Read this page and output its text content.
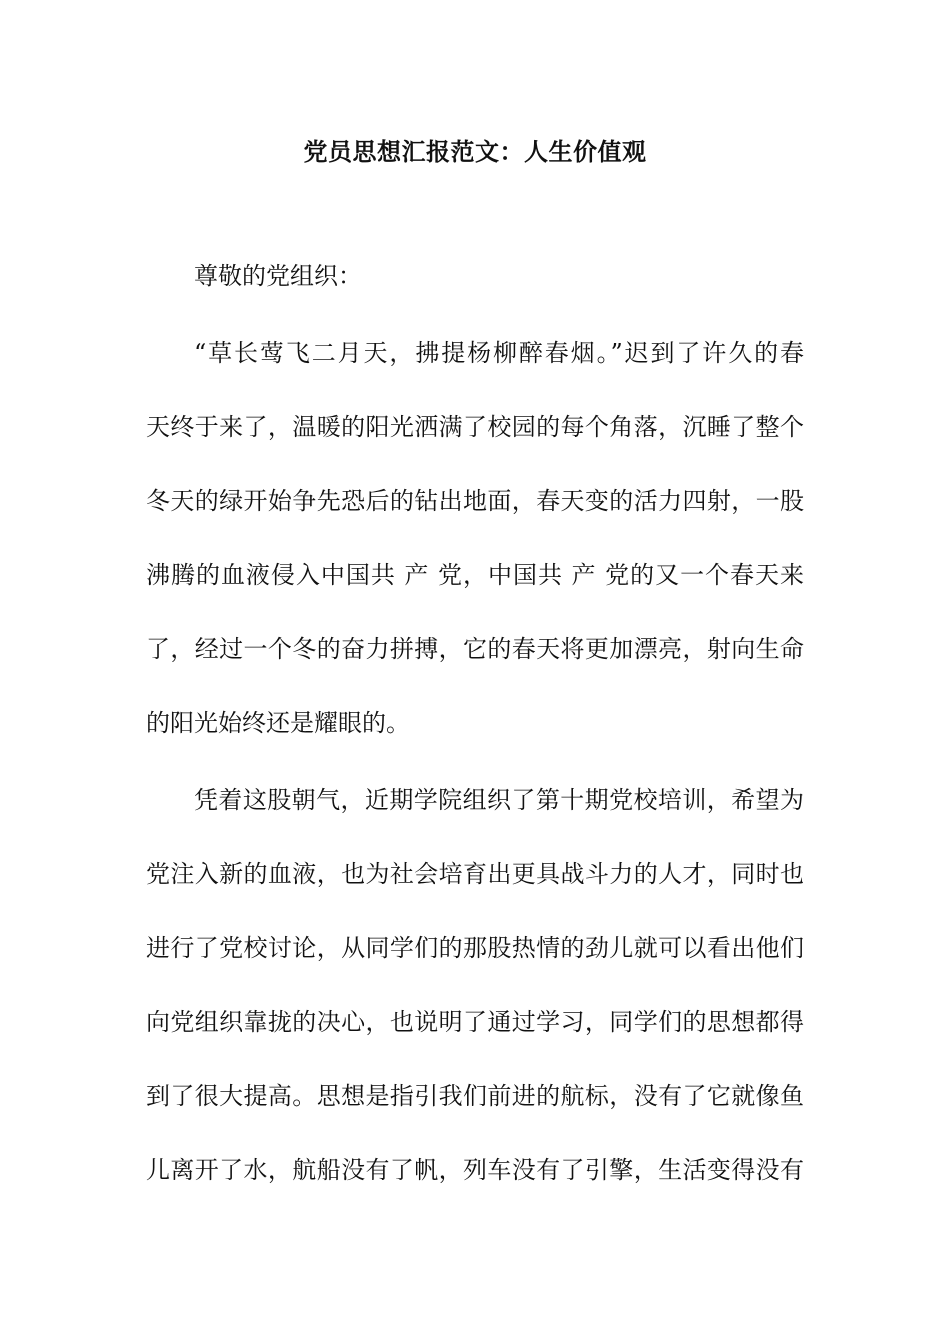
党员思想汇报范文：人生价值观
尊敬的党组织：
“草长莺飞二月天，拂提杨柳醉春烟。”迟到了许久的春
天终于来了，温暖的阳光洒满了校园的每个角落，沉睡了整个
冬天的绿开始争先恐后的钻出地面，春天变的活力四射，一股
沸腾的血液侵入中国共 产 党，中国共 产 党的又一个春天来
了，经过一个冬的奋力拼搏，它的春天将更加漂亮，射向生命
的阳光始终还是耀眼的。
凭着这股朝气，近期学院组织了第十期党校培训，希望为
党注入新的血液，也为社会培育出更具战斗力的人才，同时也
进行了党校讨论，从同学们的那股热情的劲儿就可以看出他们
向党组织靠拢的决心，也说明了通过学习，同学们的思想都得
到了很大提高。思想是指引我们前进的航标，没有了它就像鱼
儿离开了水，航船没有了帆，列车没有了引擎，生活变得没有
